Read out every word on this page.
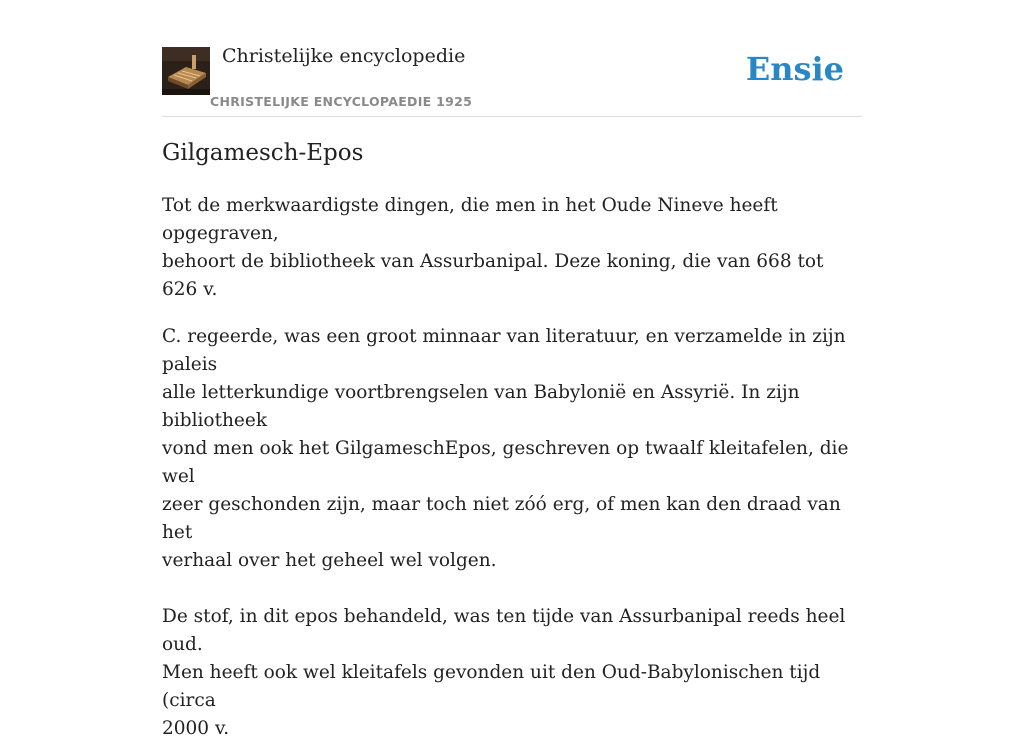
Christelijke encyclopedie
CHRISTELIJKE ENCYCLOPAEDIE 1925
Ensie
Gilgamesch-Epos

Tot de merkwaardigste dingen, die men in het Oude Nineve heeft opgegraven,
behoort de bibliotheek van Assurbanipal. Deze koning, die van 668 tot 626 v.

C. regeerde, was een groot minnaar van literatuur, en verzamelde in zijn paleis
alle letterkundige voortbrengselen van Babylonië en Assyrië. In zijn bibliotheek
vond men ook het GilgameschEpos, geschreven op twaalf kleitafelen, die wel
zeer geschonden zijn, maar toch niet zóó erg, of men kan den draad van het
verhaal over het geheel wel volgen.

De stof, in dit epos behandeld, was ten tijde van Assurbanipal reeds heel oud.
Men heeft ook wel kleitafels gevonden uit den Oud-Babylonischen tijd (circa
2000 v.
